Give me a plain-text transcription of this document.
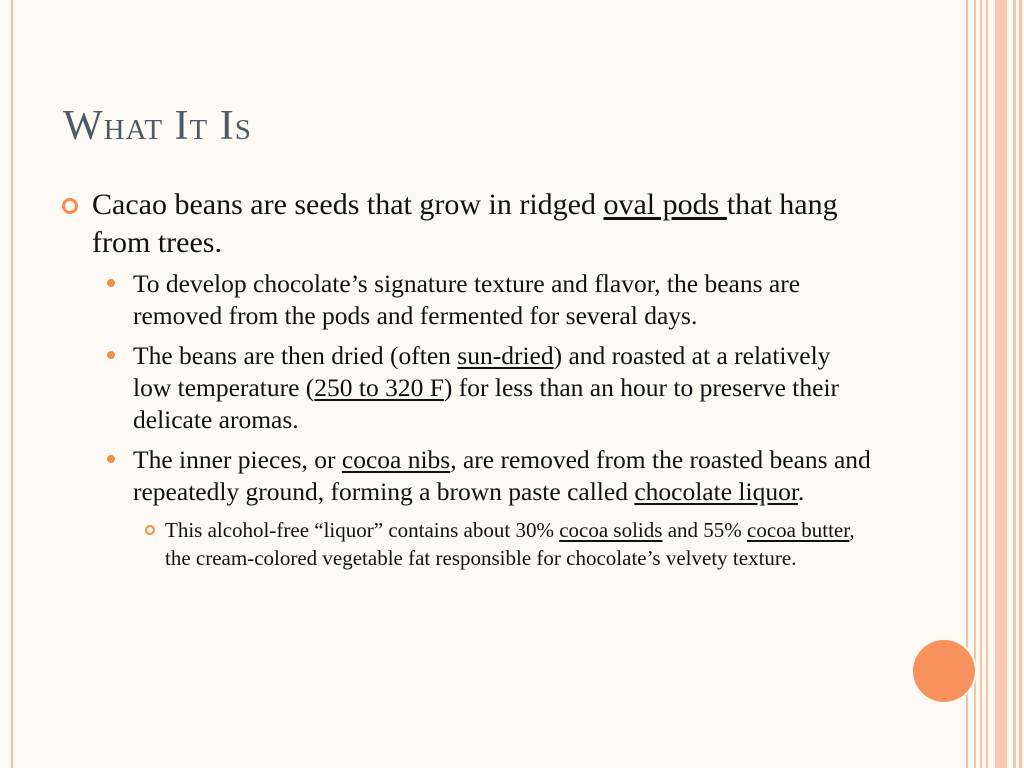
What It Is

Cacao beans are seeds that grow in ridged oval pods that hang from trees.

To develop chocolate’s signature texture and flavor, the beans are removed from the pods and fermented for several days.
The beans are then dried (often sun-dried) and roasted at a relatively low temperature (250 to 320 F) for less than an hour to preserve their delicate aromas.
The inner pieces, or cocoa nibs, are removed from the roasted beans and repeatedly ground, forming a brown paste called chocolate liquor.
This alcohol-free “liquor” contains about 30% cocoa solids and 55% cocoa butter, the cream-colored vegetable fat responsible for chocolate’s velvety texture.
